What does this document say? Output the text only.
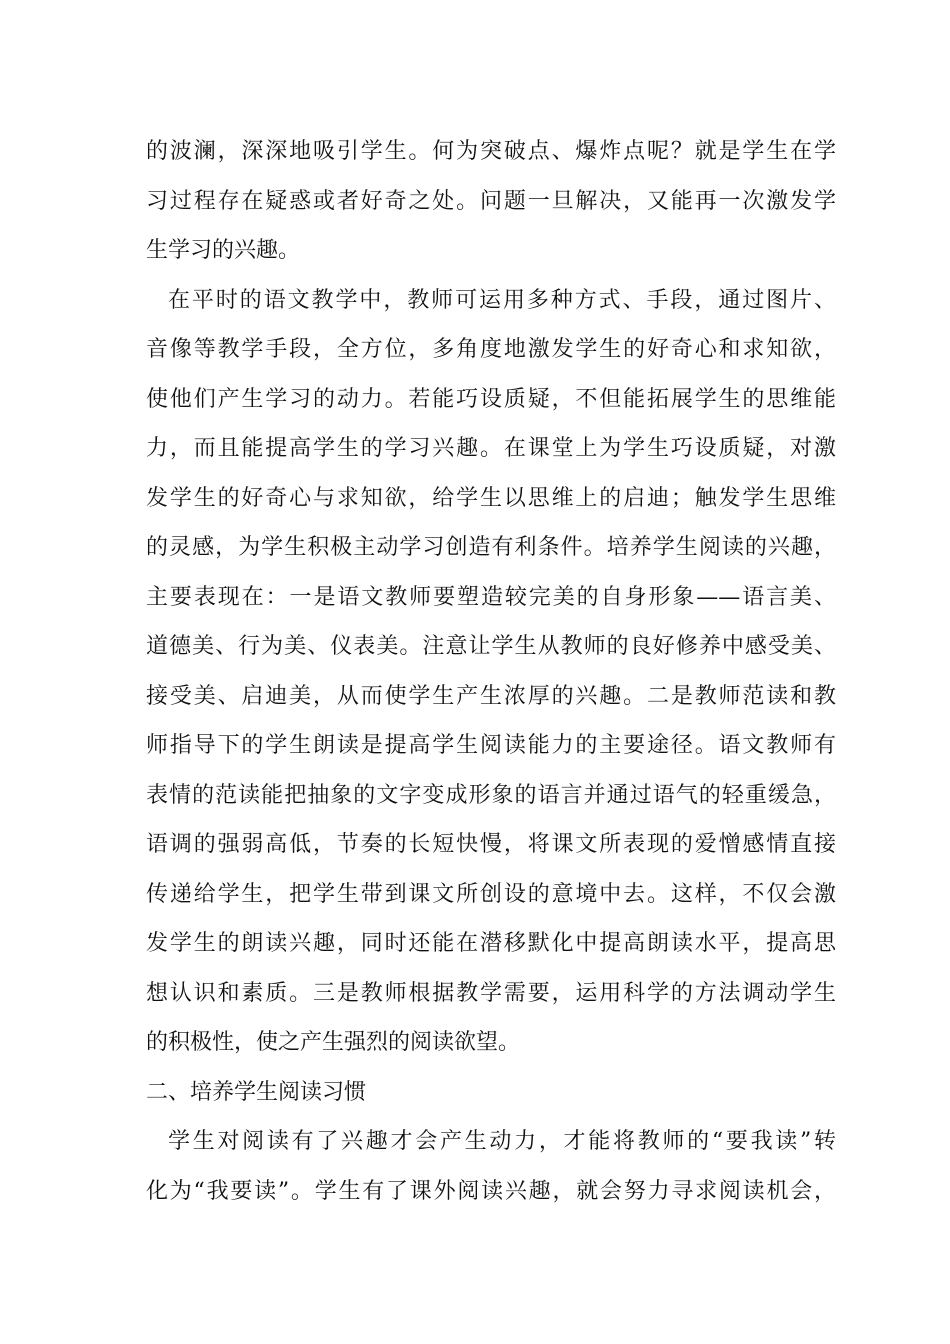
的波澜，深深地吸引学生。何为突破点、爆炸点呢？就是学生在学
习过程存在疑惑或者好奇之处。问题一旦解决，又能再一次激发学
生学习的兴趣。
在平时的语文教学中，教师可运用多种方式、手段，通过图片、
音像等教学手段，全方位，多角度地激发学生的好奇心和求知欲，
使他们产生学习的动力。若能巧设质疑，不但能拓展学生的思维能
力，而且能提高学生的学习兴趣。在课堂上为学生巧设质疑，对激
发学生的好奇心与求知欲，给学生以思维上的启迪；触发学生思维
的灵感，为学生积极主动学习创造有利条件。培养学生阅读的兴趣，
主要表现在：一是语文教师要塑造较完美的自身形象——语言美、
道德美、行为美、仪表美。注意让学生从教师的良好修养中感受美、
接受美、启迪美，从而使学生产生浓厚的兴趣。二是教师范读和教
师指导下的学生朗读是提高学生阅读能力的主要途径。语文教师有
表情的范读能把抽象的文字变成形象的语言并通过语气的轻重缓急，
语调的强弱高低，节奏的长短快慢，将课文所表现的爱憎感情直接
传递给学生，把学生带到课文所创设的意境中去。这样，不仅会激
发学生的朗读兴趣，同时还能在潜移默化中提高朗读水平，提高思
想认识和素质。三是教师根据教学需要，运用科学的方法调动学生
的积极性，使之产生强烈的阅读欲望。
二、培养学生阅读习惯
学生对阅读有了兴趣才会产生动力，才能将教师的“要我读”转
化为“我要读”。学生有了课外阅读兴趣，就会努力寻求阅读机会，
